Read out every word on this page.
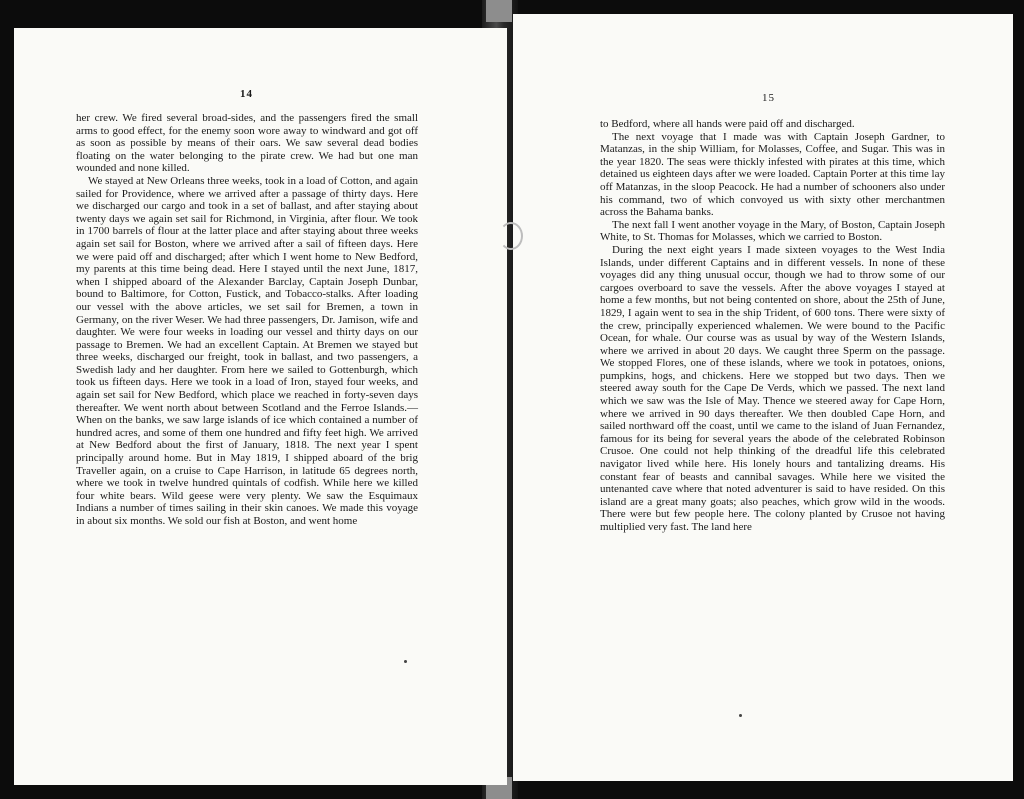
14

her crew. We fired several broad-sides, and the passengers fired the small arms to good effect, for the enemy soon wore away to windward and got off as soon as possible by means of their oars. We saw several dead bodies floating on the water belonging to the pirate crew. We had but one man wounded and none killed.

We stayed at New Orleans three weeks, took in a load of Cotton, and again sailed for Providence, where we arrived after a passage of thirty days. Here we discharged our cargo and took in a set of ballast, and after staying about twenty days we again set sail for Richmond, in Virginia, after flour. We took in 1700 barrels of flour at the latter place and after staying about three weeks again set sail for Boston, where we arrived after a sail of fifteen days. Here we were paid off and discharged; after which I went home to New Bedford, my parents at this time being dead. Here I stayed until the next June, 1817, when I shipped aboard of the Alexander Barclay, Captain Joseph Dunbar, bound to Baltimore, for Cotton, Fustick, and Tobacco-stalks. After loading our vessel with the above articles, we set sail for Bremen, a town in Germany, on the river Weser. We had three passengers, Dr. Jamison, wife and daughter. We were four weeks in loading our vessel and thirty days on our passage to Bremen. We had an excellent Captain. At Bremen we stayed but three weeks, discharged our freight, took in ballast, and two passengers, a Swedish lady and her daughter. From here we sailed to Gottenburgh, which took us fifteen days. Here we took in a load of Iron, stayed four weeks, and again set sail for New Bedford, which place we reached in forty-seven days thereafter. We went north about between Scotland and the Ferroe Islands.— When on the banks, we saw large islands of ice which contained a number of hundred acres, and some of them one hundred and fifty feet high. We arrived at New Bedford about the first of January, 1818. The next year I spent principally around home. But in May 1819, I shipped aboard of the brig Traveller again, on a cruise to Cape Harrison, in latitude 65 degrees north, where we took in twelve hundred quintals of codfish. While here we killed four white bears. Wild geese were very plenty. We saw the Esquimaux Indians a number of times sailing in their skin canoes. We made this voyage in about six months. We sold our fish at Boston, and went home

15

to Bedford, where all hands were paid off and discharged.

The next voyage that I made was with Captain Joseph Gardner, to Matanzas, in the ship William, for Molasses, Coffee, and Sugar. This was in the year 1820. The seas were thickly infested with pirates at this time, which detained us eighteen days after we were loaded. Captain Porter at this time lay off Matanzas, in the sloop Peacock. He had a number of schooners also under his command, two of which convoyed us with sixty other merchantmen across the Bahama banks.

The next fall I went another voyage in the Mary, of Boston, Captain Joseph White, to St. Thomas for Molasses, which we carried to Boston.

During the next eight years I made sixteen voyages to the West India Islands, under different Captains and in different vessels. In none of these voyages did any thing unusual occur, though we had to throw some of our cargoes overboard to save the vessels. After the above voyages I stayed at home a few months, but not being contented on shore, about the 25th of June, 1829, I again went to sea in the ship Trident, of 600 tons. There were sixty of the crew, principally experienced whalemen. We were bound to the Pacific Ocean, for whale. Our course was as usual by way of the Western Islands, where we arrived in about 20 days. We caught three Sperm on the passage. We stopped Flores, one of these islands, where we took in potatoes, onions, pumpkins, hogs, and chickens. Here we stopped but two days. Then we steered away south for the Cape De Verds, which we passed. The next land which we saw was the Isle of May. Thence we steered away for Cape Horn, where we arrived in 90 days thereafter. We then doubled Cape Horn, and sailed northward off the coast, until we came to the island of Juan Fernandez, famous for its being for several years the abode of the celebrated Robinson Crusoe. One could not help thinking of the dreadful life this celebrated navigator lived while here. His lonely hours and tantalizing dreams. His constant fear of beasts and cannibal savages. While here we visited the untenanted cave where that noted adventurer is said to have resided. On this island are a great many goats; also peaches, which grow wild in the woods. There were but few people here. The colony planted by Crusoe not having multiplied very fast. The land here
